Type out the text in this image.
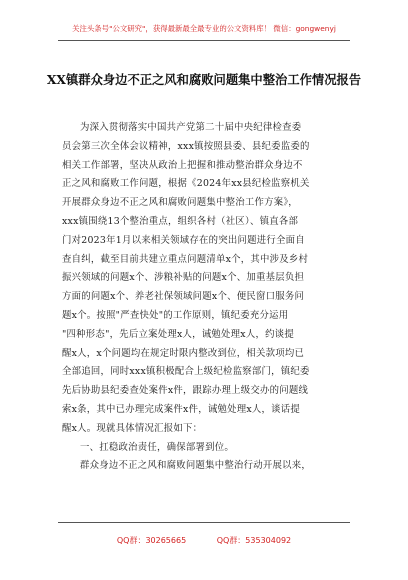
关注头条号"公文研究"，获得最新最全最专业的公文资料库！ 微信：gongwenyj
XX镇群众身边不正之风和腐败问题集中整治工作情况报告
为深入贯彻落实中国共产党第二十届中央纪律检查委
员会第三次全体会议精神，xxx镇按照县委、县纪委监委的
相关工作部署，坚决从政治上把握和推动整治群众身边不
正之风和腐败工作问题，根据《2024年xx县纪检监察机关
开展群众身边不正之风和腐败问题集中整治工作方案》，
xxx镇围绕13个整治重点，组织各村（社区）、镇直各部
门对2023年1月以来相关领域存在的突出问题进行全面自
查自纠，截至目前共建立重点问题清单x个，其中涉及乡村
振兴领域的问题x个、涉粮补贴的问题x个、加重基层负担
方面的问题x个、养老社保领域问题x个、便民窗口服务问
题x个。按照"严查快处"的工作原则，镇纪委充分运用
"四种形态"，先后立案处理x人，诫勉处理x人，约谈提
醒x人，x个问题均在规定时限内整改到位，相关款项均已
全部追回，同时xxx镇积极配合上级纪检监察部门，镇纪委
先后协助县纪委查处案件x件，跟踪办理上级交办的问题线
索x条，其中已办理完成案件x件，诫勉处理x人，谈话提
醒x人。现就具体情况汇报如下：
一、扛稳政治责任，确保部署到位。
群众身边不正之风和腐败问题集中整治行动开展以来，
QQ群：30265665	QQ群：535304092
